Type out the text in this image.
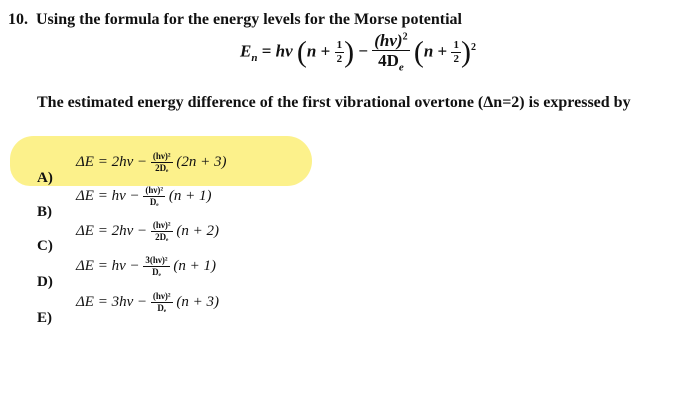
10. Using the formula for the energy levels for the Morse potential
$E_n$ = hv ($n + \frac{1}{2}$ ) − $\frac{(hv)^2}{4D_e} (n + \frac{1}{2} )^2$
The estimated energy difference of the first vibrational overtone (Δn=2) is expressed by
A)
$\Delta E = 2hv - \frac{\text{(hν)²}}{\text{2Dₑ}} (2n + 3)$
B)
ΔE = hv − $\frac{\text{(hν)²}}{\text{Dₑ}} (n + 1)$
C)
$\Delta E = 2hv - \frac{\text{(hν)²}}{\text{2Dₑ}} (n + 2)$
D)
ΔE = hv − $\frac{\text{3(hν)²}}{\text{Dₑ}} (n + 1)$
E)
$\Delta E = 3hv - \frac{\text{(hν)²}}{\text{Dₑ}} (n + 3)$
